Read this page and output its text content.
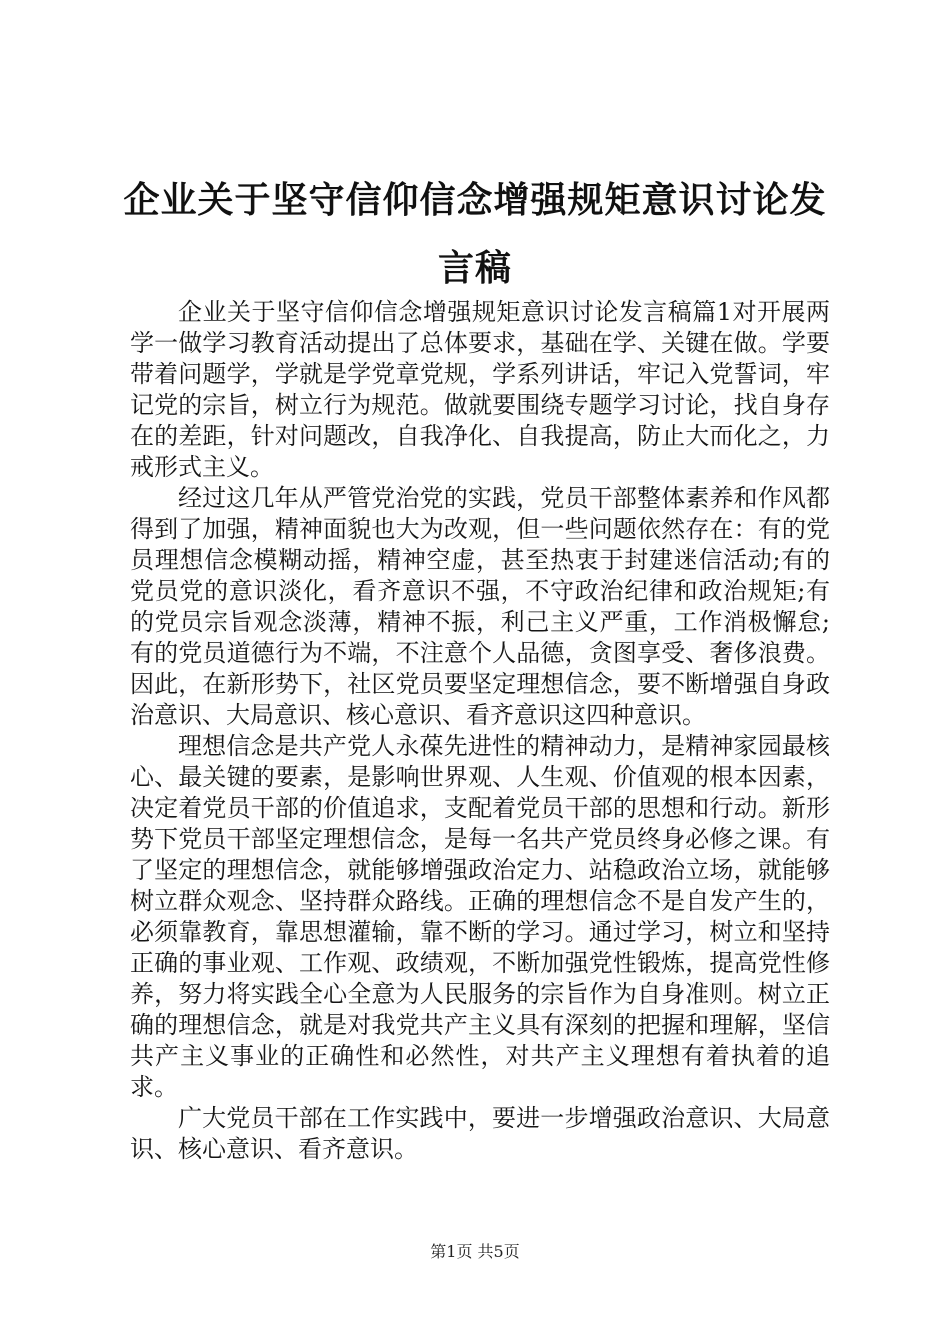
企业关于坚守信仰信念增强规矩意识讨论发言稿

企业关于坚守信仰信念增强规矩意识讨论发言稿篇1对开展两学一做学习教育活动提出了总体要求，基础在学、关键在做。学要带着问题学，学就是学党章党规，学系列讲话，牢记入党誓词，牢记党的宗旨，树立行为规范。做就要围绕专题学习讨论，找自身存在的差距，针对问题改，自我净化、自我提高，防止大而化之，力戒形式主义。

经过这几年从严管党治党的实践，党员干部整体素养和作风都得到了加强，精神面貌也大为改观，但一些问题依然存在：有的党员理想信念模糊动摇，精神空虚，甚至热衷于封建迷信活动;有的党员党的意识淡化，看齐意识不强，不守政治纪律和政治规矩;有的党员宗旨观念淡薄，精神不振，利己主义严重，工作消极懈怠;有的党员道德行为不端，不注意个人品德，贪图享受、奢侈浪费。因此，在新形势下，社区党员要坚定理想信念，要不断增强自身政治意识、大局意识、核心意识、看齐意识这四种意识。

理想信念是共产党人永葆先进性的精神动力，是精神家园最核心、最关键的要素，是影响世界观、人生观、价值观的根本因素，决定着党员干部的价值追求，支配着党员干部的思想和行动。新形势下党员干部坚定理想信念，是每一名共产党员终身必修之课。有了坚定的理想信念，就能够增强政治定力、站稳政治立场，就能够树立群众观念、坚持群众路线。正确的理想信念不是自发产生的，必须靠教育，靠思想灌输，靠不断的学习。通过学习，树立和坚持正确的事业观、工作观、政绩观，不断加强党性锻炼，提高党性修养，努力将实践全心全意为人民服务的宗旨作为自身准则。树立正确的理想信念，就是对我党共产主义具有深刻的把握和理解，坚信共产主义事业的正确性和必然性，对共产主义理想有着执着的追求。

广大党员干部在工作实践中，要进一步增强政治意识、大局意识、核心意识、看齐意识。

第1页 共5页
